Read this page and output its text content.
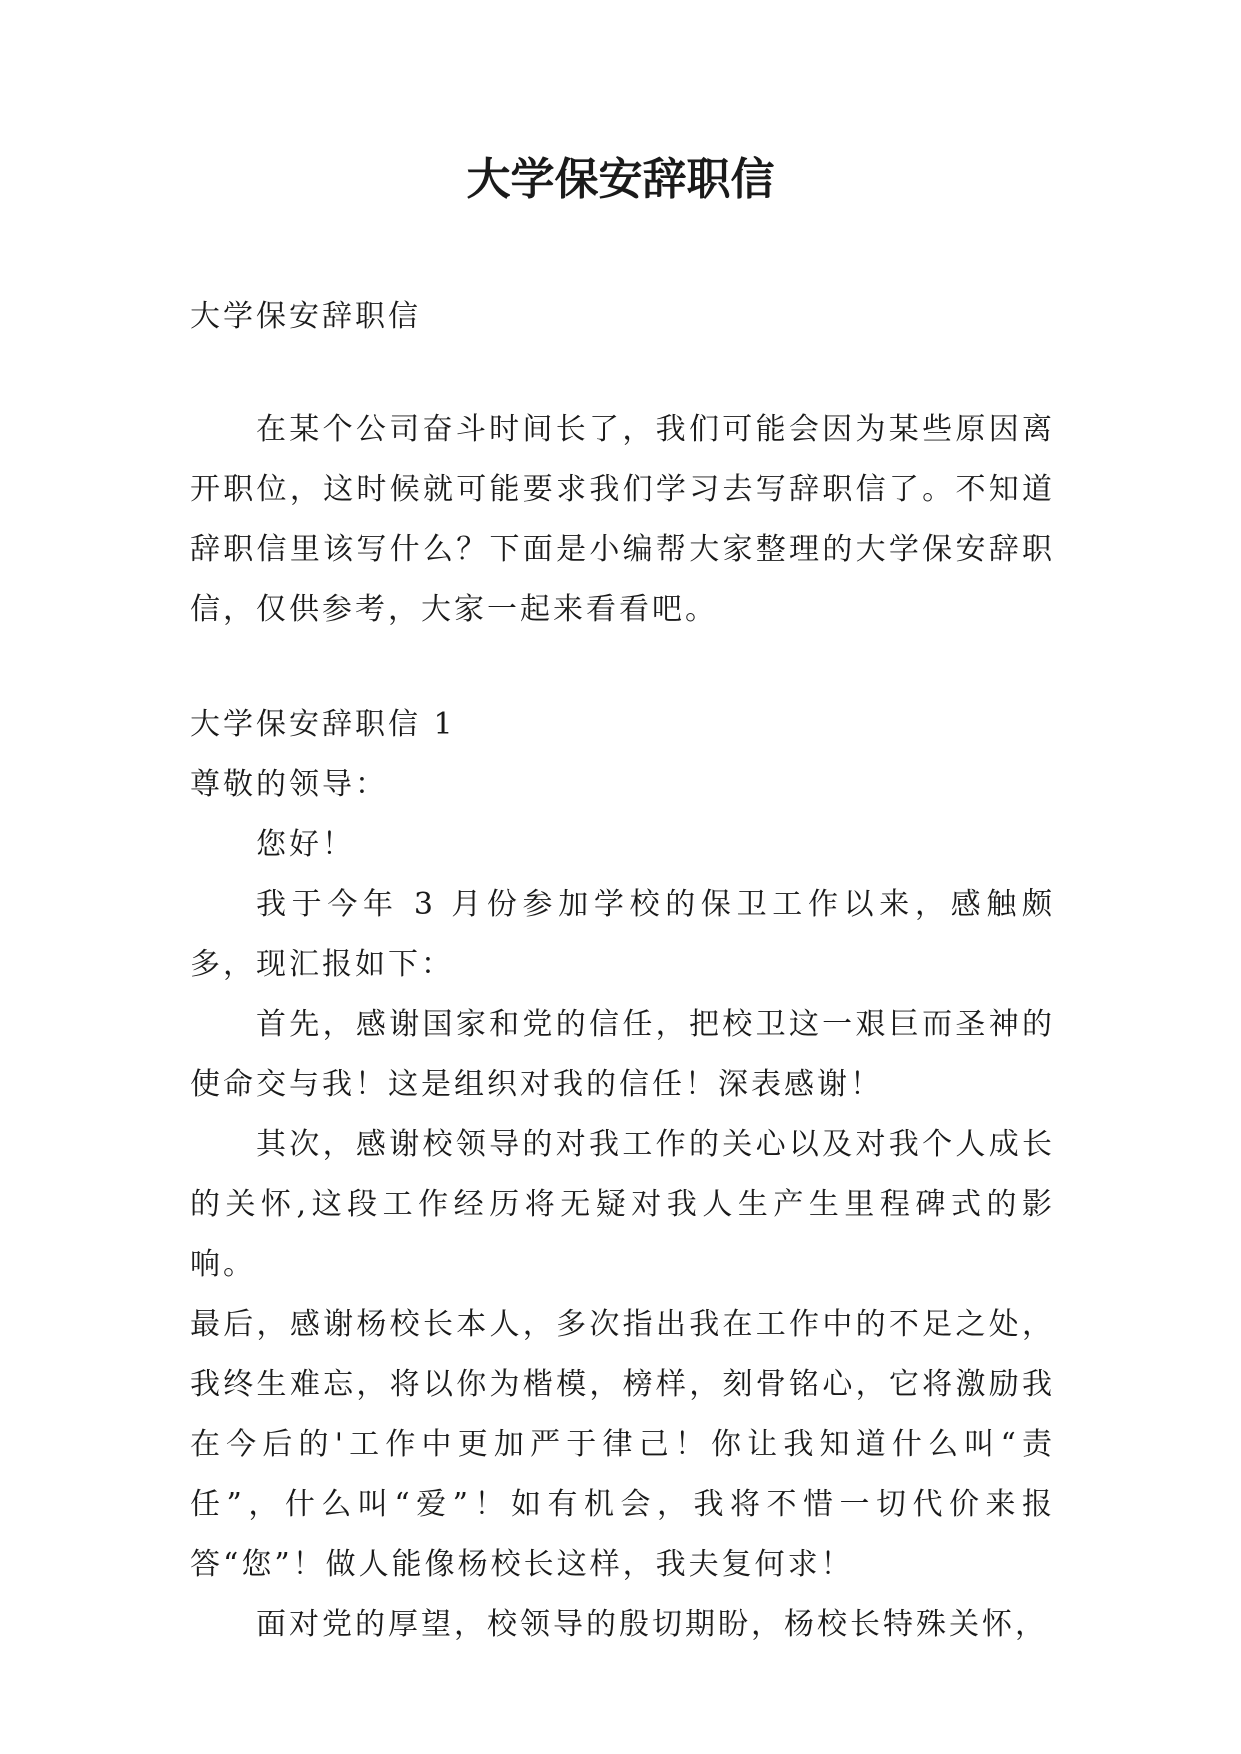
大学保安辞职信

大学保安辞职信

在某个公司奋斗时间长了，我们可能会因为某些原因离开职位，这时候就可能要求我们学习去写辞职信了。不知道辞职信里该写什么？下面是小编帮大家整理的大学保安辞职信，仅供参考，大家一起来看看吧。

大学保安辞职信 1

尊敬的领导：

您好！

我于今年 3 月份参加学校的保卫工作以来，感触颇多，现汇报如下：

首先，感谢国家和党的信任，把校卫这一艰巨而圣神的使命交与我！这是组织对我的信任！深表感谢！

其次，感谢校领导的对我工作的关心以及对我个人成长的关怀,这段工作经历将无疑对我人生产生里程碑式的影响。

最后，感谢杨校长本人，多次指出我在工作中的不足之处，我终生难忘，将以你为楷模，榜样，刻骨铭心，它将激励我在今后的'工作中更加严于律己！你让我知道什么叫“责任”，什么叫“爱”！如有机会，我将不惜一切代价来报答“您”！做人能像杨校长这样，我夫复何求！

面对党的厚望，校领导的殷切期盼，杨校长特殊关怀，
